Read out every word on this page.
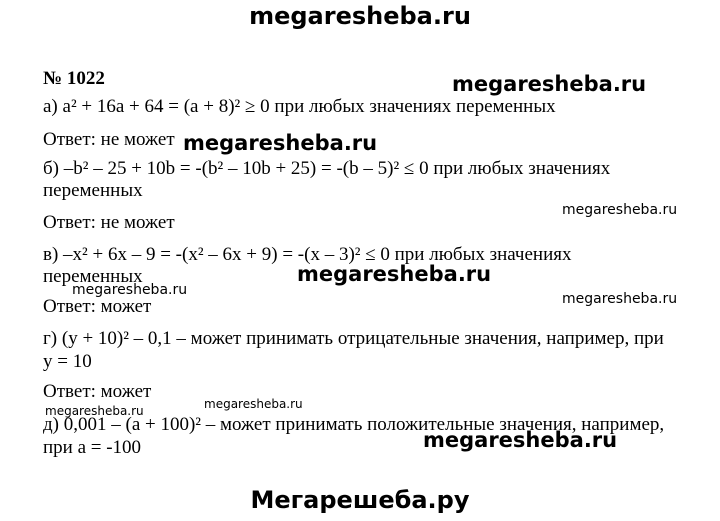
megaresheba.ru
megaresheba.ru
megaresheba.ru
megaresheba.ru
megaresheba.ru
megaresheba.ru
megaresheba.ru
megaresheba.ru
megaresheba.ru
megaresheba.ru
Мегарешеба.ру
№ 1022
а) a² + 16a + 64 = (a + 8)² ≥ 0 при любых значениях переменных
Ответ: не может
б) –b² – 25 + 10b = -(b² – 10b + 25) = -(b – 5)² ≤ 0 при любых значениях
переменных
Ответ: не может
в) –x² + 6x – 9 = -(x² – 6x + 9) = -(x – 3)² ≤ 0 при любых значениях
переменных
Ответ: может
г) (y + 10)² – 0,1 – может принимать отрицательные значения, например, при
y = 10
Ответ: может
д) 0,001 – (a + 100)² – может принимать положительные значения, например,
при a = -100
